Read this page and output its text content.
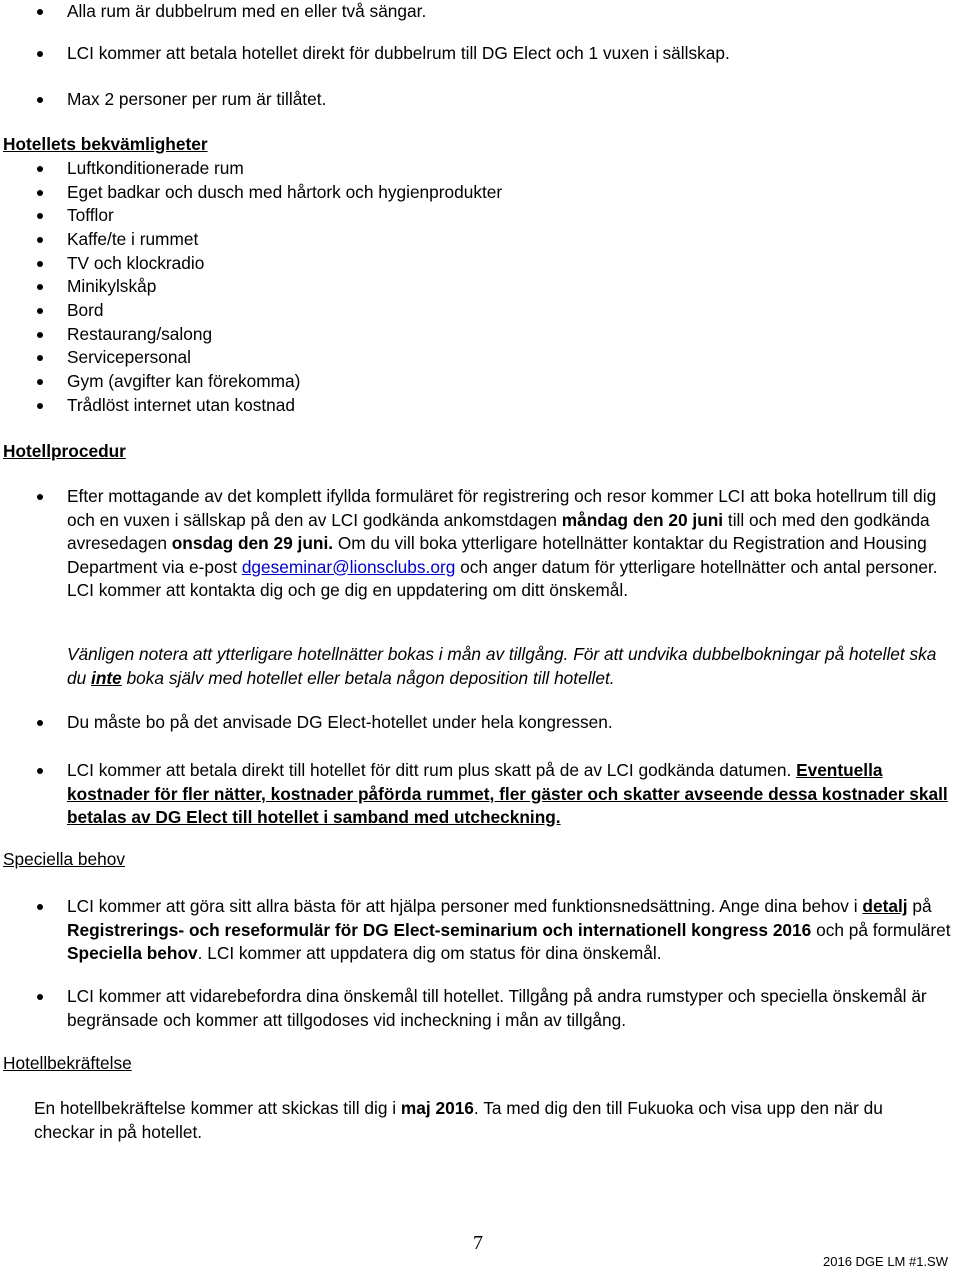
Alla rum är dubbelrum med en eller två sängar.
LCI kommer att betala hotellet direkt för dubbelrum till DG Elect och 1 vuxen i sällskap.
Max 2 personer per rum är tillåtet.
Hotellets bekvämligheter
Luftkonditionerade rum
Eget badkar och dusch med hårtork och hygienprodukter
Tofflor
Kaffe/te i rummet
TV och klockradio
Minikylskåp
Bord
Restaurang/salong
Servicepersonal
Gym (avgifter kan förekomma)
Trådlöst internet utan kostnad
Hotellprocedur
Efter mottagande av det komplett ifyllda formuläret för registrering och resor kommer LCI att boka hotellrum till dig och en vuxen i sällskap på den av LCI godkända ankomstdagen måndag den 20 juni till och med den godkända avresedagen onsdag den 29 juni. Om du vill boka ytterligare hotellnätter kontaktar du Registration and Housing Department via e-post dgeseminar@lionsclubs.org och anger datum för ytterligare hotellnätter och antal personer. LCI kommer att kontakta dig och ge dig en uppdatering om ditt önskemål.
Vänligen notera att ytterligare hotellnätter bokas i mån av tillgång. För att undvika dubbelbokningar på hotellet ska du inte boka själv med hotellet eller betala någon deposition till hotellet.
Du måste bo på det anvisade DG Elect-hotellet under hela kongressen.
LCI kommer att betala direkt till hotellet för ditt rum plus skatt på de av LCI godkända datumen. Eventuella kostnader för fler nätter, kostnader påförda rummet, fler gäster och skatter avseende dessa kostnader skall betalas av DG Elect till hotellet i samband med utcheckning.
Speciella behov
LCI kommer att göra sitt allra bästa för att hjälpa personer med funktionsnedsättning. Ange dina behov i detalj på Registrerings- och reseformulär för DG Elect-seminarium och internationell kongress 2016 och på formuläret Speciella behov. LCI kommer att uppdatera dig om status för dina önskemål.
LCI kommer att vidarebefordra dina önskemål till hotellet. Tillgång på andra rumstyper och speciella önskemål är begränsade och kommer att tillgodoses vid incheckning i mån av tillgång.
Hotellbekräftelse
En hotellbekräftelse kommer att skickas till dig i maj 2016. Ta med dig den till Fukuoka och visa upp den när du checkar in på hotellet.
7
2016 DGE LM #1.SW
